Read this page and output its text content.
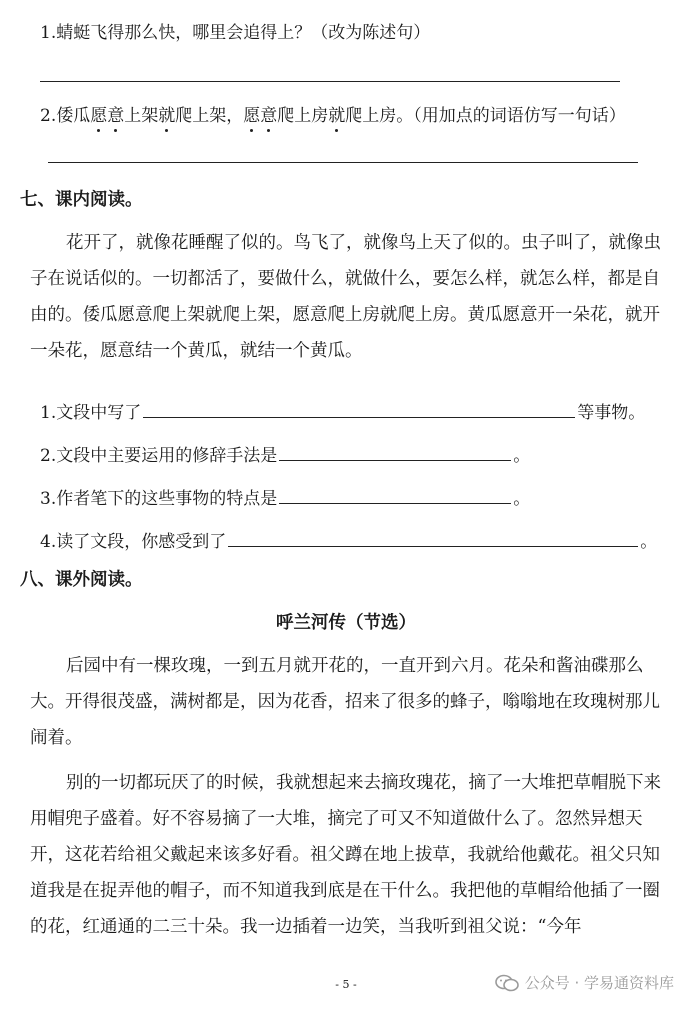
1.蜻蜓飞得那么快，哪里会追得上？（改为陈述句）
2.倭瓜愿意上架就爬上架，愿意爬上房就爬上房。（用加点的词语仿写一句话）
七、课内阅读。
花开了，就像花睡醒了似的。鸟飞了，就像鸟上天了似的。虫子叫了，就像虫子在说话似的。一切都活了，要做什么，就做什么，要怎么样，就怎么样，都是自由的。倭瓜愿意爬上架就爬上架，愿意爬上房就爬上房。黄瓜愿意开一朵花，就开一朵花，愿意结一个黄瓜，就结一个黄瓜。
1.文段中写了	等事物。
2.文段中主要运用的修辞手法是	。
3.作者笔下的这些事物的特点是	。
4.读了文段，你感受到了	。
八、课外阅读。
呼兰河传（节选）
后园中有一棵玫瑰，一到五月就开花的，一直开到六月。花朵和酱油碟那么大。开得很茂盛，满树都是，因为花香，招来了很多的蜂子，嗡嗡地在玫瑰树那儿闹着。
别的一切都玩厌了的时候，我就想起来去摘玫瑰花，摘了一大堆把草帽脱下来用帽兜子盛着。好不容易摘了一大堆，摘完了可又不知道做什么了。忽然异想天开，这花若给祖父戴起来该多好看。祖父蹲在地上拔草，我就给他戴花。祖父只知道我是在捉弄他的帽子，而不知道我到底是在干什么。我把他的草帽给他插了一圈的花，红通通的二三十朵。我一边插着一边笑，当我听到祖父说：“今年
- 5 -	公众号 · 学易通资料库
